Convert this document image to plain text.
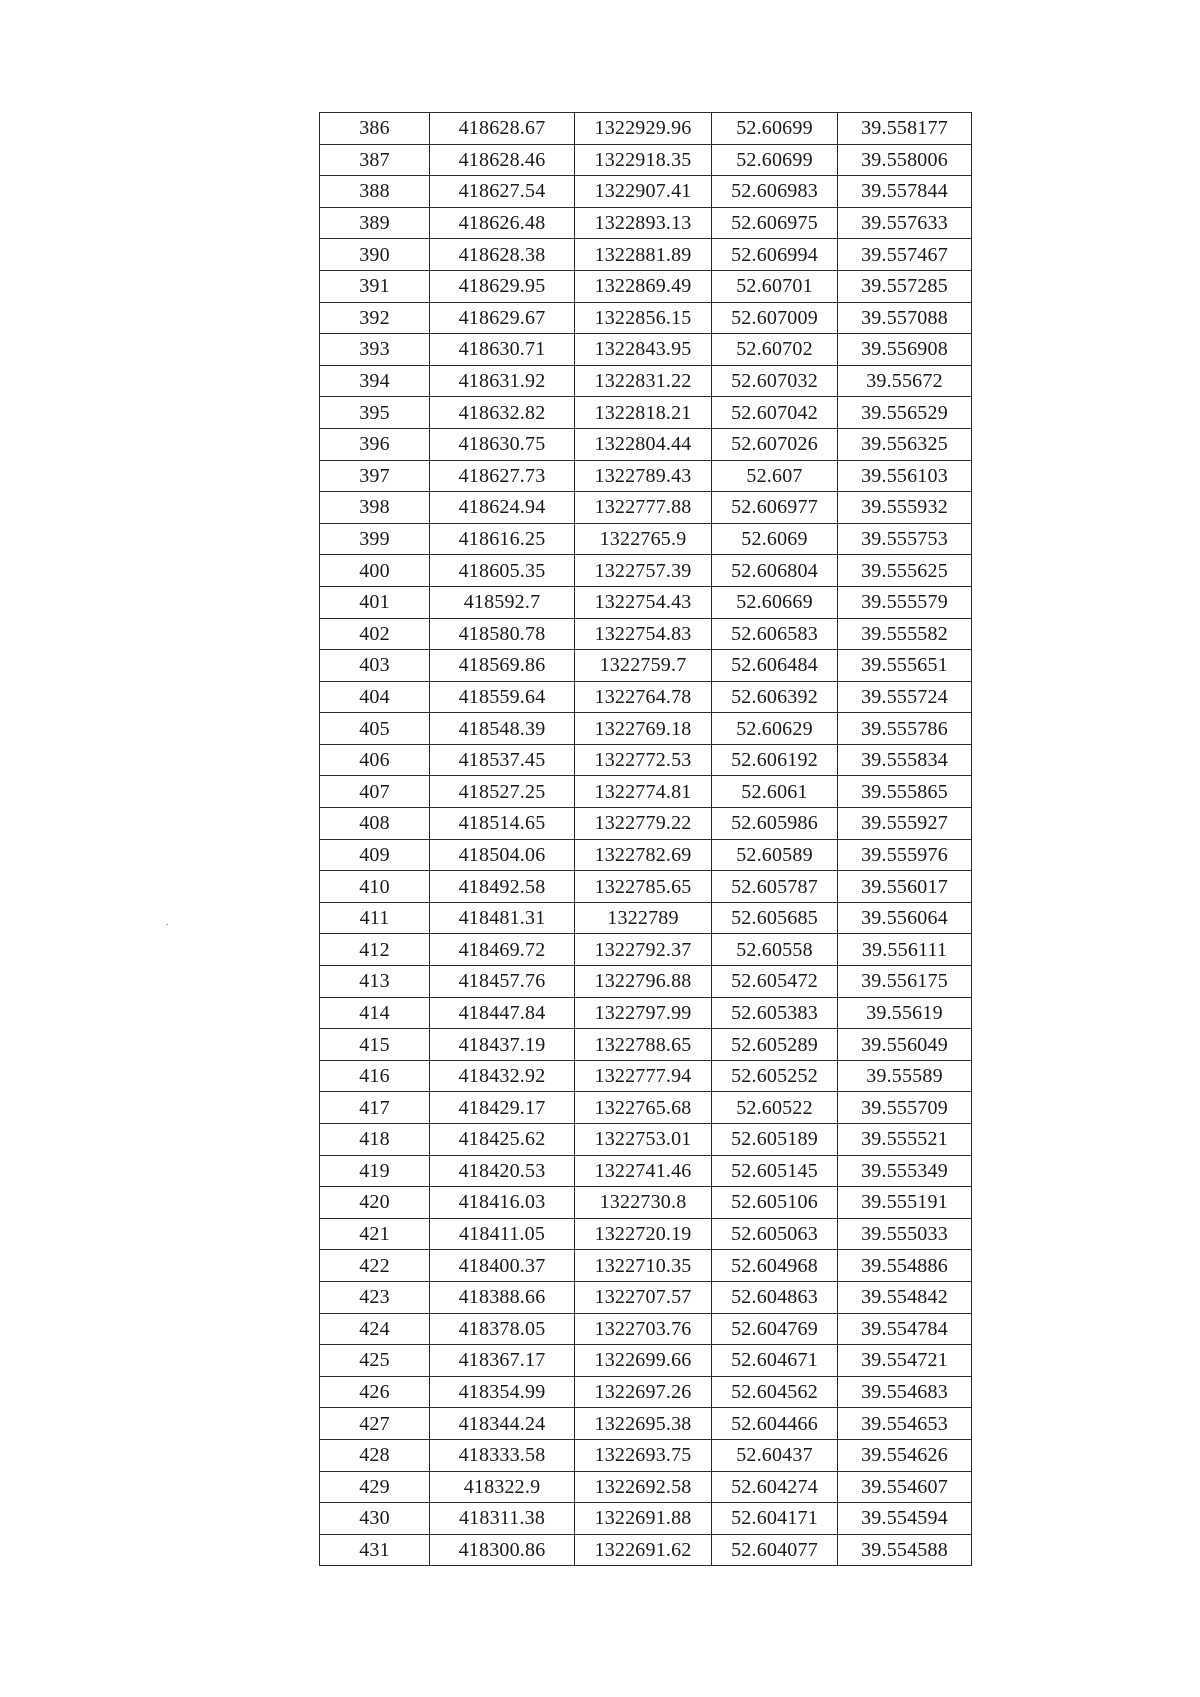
386	418628.67	1322929.96	52.60699	39.558177
387	418628.46	1322918.35	52.60699	39.558006
388	418627.54	1322907.41	52.606983	39.557844
389	418626.48	1322893.13	52.606975	39.557633
390	418628.38	1322881.89	52.606994	39.557467
391	418629.95	1322869.49	52.60701	39.557285
392	418629.67	1322856.15	52.607009	39.557088
393	418630.71	1322843.95	52.60702	39.556908
394	418631.92	1322831.22	52.607032	39.55672
395	418632.82	1322818.21	52.607042	39.556529
396	418630.75	1322804.44	52.607026	39.556325
397	418627.73	1322789.43	52.607	39.556103
398	418624.94	1322777.88	52.606977	39.555932
399	418616.25	1322765.9	52.6069	39.555753
400	418605.35	1322757.39	52.606804	39.555625
401	418592.7	1322754.43	52.60669	39.555579
402	418580.78	1322754.83	52.606583	39.555582
403	418569.86	1322759.7	52.606484	39.555651
404	418559.64	1322764.78	52.606392	39.555724
405	418548.39	1322769.18	52.60629	39.555786
406	418537.45	1322772.53	52.606192	39.555834
407	418527.25	1322774.81	52.6061	39.555865
408	418514.65	1322779.22	52.605986	39.555927
409	418504.06	1322782.69	52.60589	39.555976
410	418492.58	1322785.65	52.605787	39.556017
411	418481.31	1322789	52.605685	39.556064
412	418469.72	1322792.37	52.60558	39.556111
413	418457.76	1322796.88	52.605472	39.556175
414	418447.84	1322797.99	52.605383	39.55619
415	418437.19	1322788.65	52.605289	39.556049
416	418432.92	1322777.94	52.605252	39.55589
417	418429.17	1322765.68	52.60522	39.555709
418	418425.62	1322753.01	52.605189	39.555521
419	418420.53	1322741.46	52.605145	39.555349
420	418416.03	1322730.8	52.605106	39.555191
421	418411.05	1322720.19	52.605063	39.555033
422	418400.37	1322710.35	52.604968	39.554886
423	418388.66	1322707.57	52.604863	39.554842
424	418378.05	1322703.76	52.604769	39.554784
425	418367.17	1322699.66	52.604671	39.554721
426	418354.99	1322697.26	52.604562	39.554683
427	418344.24	1322695.38	52.604466	39.554653
428	418333.58	1322693.75	52.60437	39.554626
429	418322.9	1322692.58	52.604274	39.554607
430	418311.38	1322691.88	52.604171	39.554594
431	418300.86	1322691.62	52.604077	39.554588
